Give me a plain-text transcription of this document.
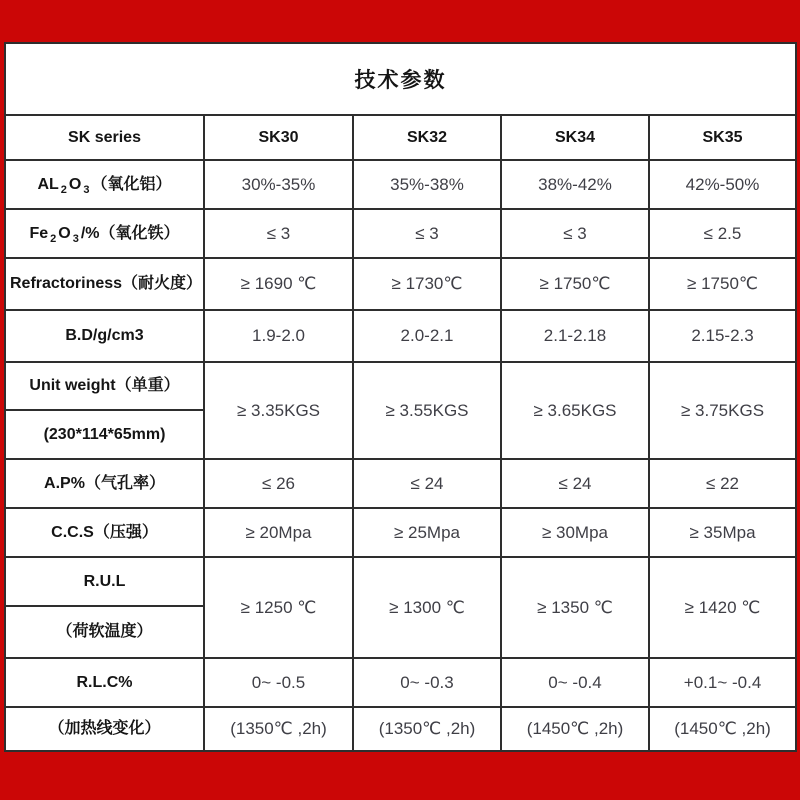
技术参数				
SK series	SK30	SK32	SK34	SK35
AL $_2$ O $_3$ （氧化铝）	30%-35%	35%-38%	38%-42%	42%-50%
Fe $_2$ O $_3$ /%（氧化铁）	≤ 3	≤ 3	≤ 3	≤ 2.5
Refractoriness（耐火度）	≥ 1690 ℃	≥ 1730℃	≥ 1750℃	≥ 1750℃
B.D/g/cm3	1.9-2.0	2.0-2.1	2.1-2.18	2.15-2.3
Unit weight（单重）	≥ 3.35KGS	≥ 3.55KGS	≥ 3.65KGS	≥ 3.75KGS
(230*114*65mm)				
A.P%（气孔率）	≤ 26	≤ 24	≤ 24	≤ 22
C.C.S（压强）	≥ 20Mpa	≥ 25Mpa	≥ 30Mpa	≥ 35Mpa
R.U.L	≥ 1250 ℃	≥ 1300 ℃	≥ 1350 ℃	≥ 1420 ℃
（荷软温度）				
R.L.C%	0~ -0.5	0~ -0.3	0~ -0.4	+0.1~ -0.4
（加热线变化）	(1350℃ ,2h)	(1350℃ ,2h)	(1450℃ ,2h)	(1450℃ ,2h)
